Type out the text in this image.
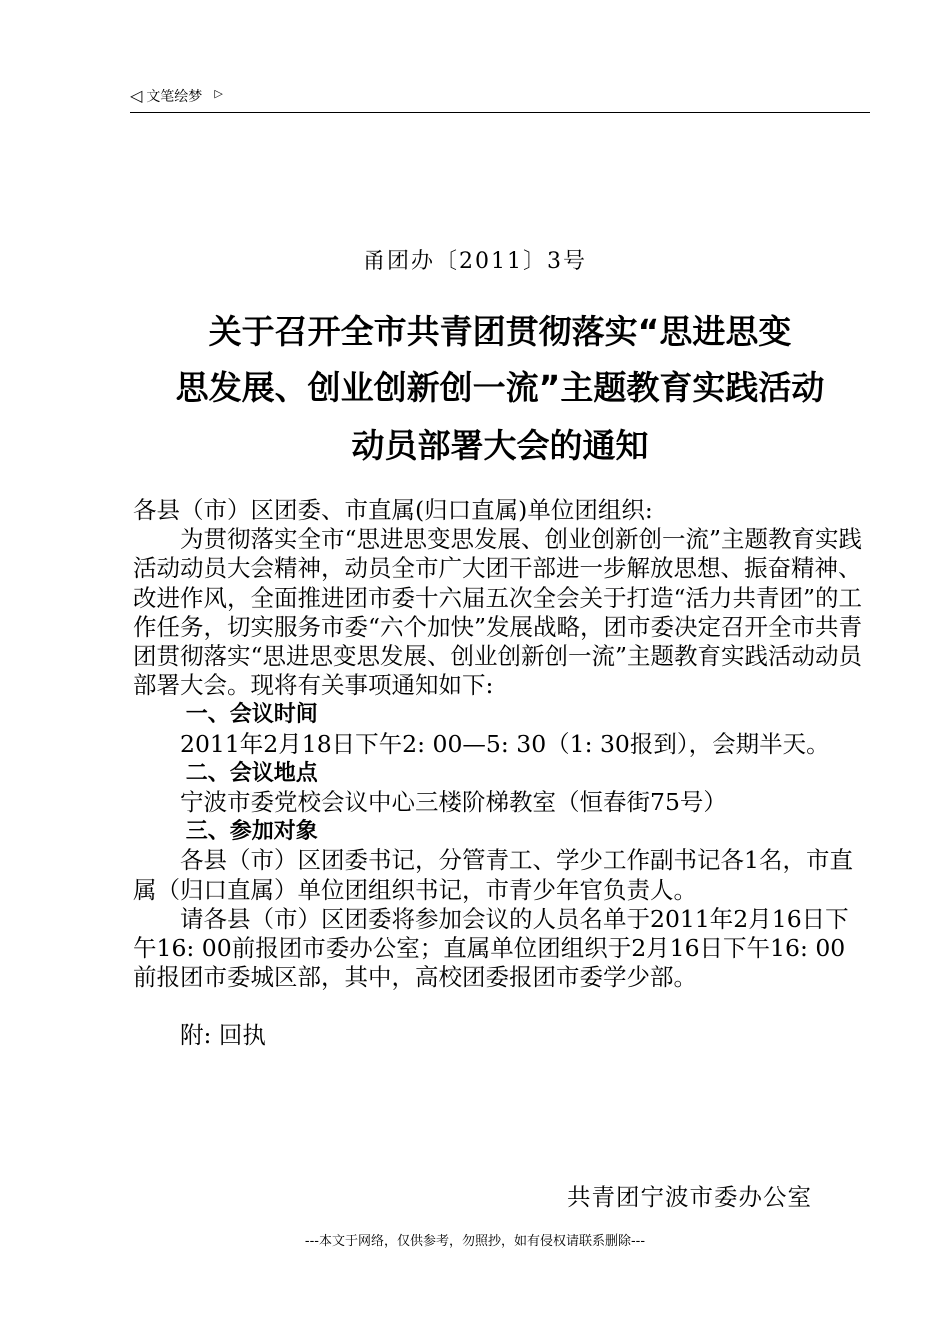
◁ 文笔绘梦 ▷
甬团办〔2011〕3号
关于召开全市共青团贯彻落实“思进思变
思发展、创业创新创一流”主题教育实践活动
动员部署大会的通知

各县（市）区团委、市直属(归口直属)单位团组织:

为贯彻落实全市“思进思变思发展、创业创新创一流”主题教育实践活动动员大会精神，动员全市广大团干部进一步解放思想、振奋精神、改进作风，全面推进团市委十六届五次全会关于打造“活力共青团”的工作任务，切实服务市委“六个加快”发展战略，团市委决定召开全市共青团贯彻落实“思进思变思发展、创业创新创一流”主题教育实践活动动员部署大会。现将有关事项通知如下:

一、会议时间

2011年2月18日下午2: 00—5: 30（1: 30报到），会期半天。

二、会议地点

宁波市委党校会议中心三楼阶梯教室（恒春街75号）

三、参加对象

各县（市）区团委书记，分管青工、学少工作副书记各1名，市直属（归口直属）单位团组织书记，市青少年官负责人。

请各县（市）区团委将参加会议的人员名单于2011年2月16日下午16: 00前报团市委办公室；直属单位团组织于2月16日下午16: 00前报团市委城区部，其中，高校团委报团市委学少部。

附: 回执

共青团宁波市委办公室
---本文于网络，仅供参考，勿照抄，如有侵权请联系删除---
